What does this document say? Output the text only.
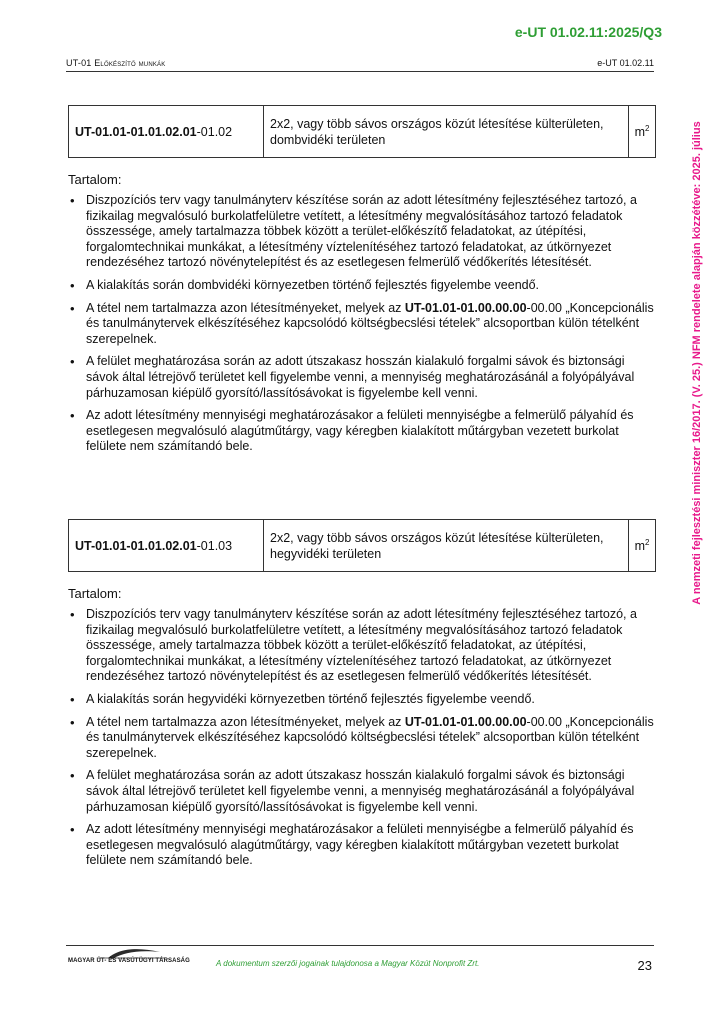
e-UT 01.02.11:2025/Q3
UT-01 Előkészítő munkák	e-UT 01.02.11
A nemzeti fejlesztési miniszter 16/2017. (V. 25.) NFM rendelete alapján közzétéve: 2025. július
UT-01.01-01.01.02.01-01.02	2x2, vagy több sávos országos közút létesítése külterületen, dombvidéki területen	$m^2$
Tartalom:
• Diszpozíciós terv vagy tanulmányterv készítése során az adott létesítmény fejlesztéséhez tartozó, a fizikailag megvalósuló burkolatfelületre vetített, a létesítmény megvalósításához tartozó feladatok összessége, amely tartalmazza többek között a terület-előkészítő feladatokat, az útépítési, forgalomtechnikai munkákat, a létesítmény víztelenítéséhez tartozó feladatokat, az útkörnyezet rendezéséhez tartozó növénytelepítést és az esetlegesen felmerülő védőkerítés létesítését.
• A kialakítás során dombvidéki környezetben történő fejlesztés figyelembe veendő.
• A tétel nem tartalmazza azon létesítményeket, melyek az UT-01.01-01.00.00.00-00.00 „Koncepcionális és tanulmánytervek elkészítéséhez kapcsolódó költségbecslési tételek” alcsoportban külön tételként szerepelnek.
• A felület meghatározása során az adott útszakasz hosszán kialakuló forgalmi sávok és biztonsági sávok által létrejövő területet kell figyelembe venni, a mennyiség meghatározásánál a folyópályával párhuzamosan kiépülő gyorsító/lassítósávokat is figyelembe kell venni.
• Az adott létesítmény mennyiségi meghatározásakor a felületi mennyiségbe a felmerülő pályahíd és esetlegesen megvalósuló alagútműtárgy, vagy kéregben kialakított műtárgyban vezetett burkolat felülete nem számítandó bele.
UT-01.01-01.01.02.01-01.03	2x2, vagy több sávos országos közút létesítése külterületen, hegyvidéki területen	$m^2$
Tartalom:
• Diszpozíciós terv vagy tanulmányterv készítése során az adott létesítmény fejlesztéséhez tartozó, a fizikailag megvalósuló burkolatfelületre vetített, a létesítmény megvalósításához tartozó feladatok összessége, amely tartalmazza többek között a terület-előkészítő feladatokat, az útépítési, forgalomtechnikai munkákat, a létesítmény víztelenítéséhez tartozó feladatokat, az útkörnyezet rendezéséhez tartozó növénytelepítést és az esetlegesen felmerülő védőkerítés létesítését.
• A kialakítás során hegyvidéki környezetben történő fejlesztés figyelembe veendő.
• A tétel nem tartalmazza azon létesítményeket, melyek az UT-01.01-01.00.00.00-00.00 „Koncepcionális és tanulmánytervek elkészítéséhez kapcsolódó költségbecslési tételek” alcsoportban külön tételként szerepelnek.
• A felület meghatározása során az adott útszakasz hosszán kialakuló forgalmi sávok és biztonsági sávok által létrejövő területet kell figyelembe venni, a mennyiség meghatározásánál a folyópályával párhuzamosan kiépülő gyorsító/lassítósávokat is figyelembe kell venni.
• Az adott létesítmény mennyiségi meghatározásakor a felületi mennyiségbe a felmerülő pályahíd és esetlegesen megvalósuló alagútműtárgy, vagy kéregben kialakított műtárgyban vezetett burkolat felülete nem számítandó bele.
MAGYAR ÚT- ÉS VASÚTÜGYI TÁRSASÁG	A dokumentum szerzői jogainak tulajdonosa a Magyar Közút Nonprofit Zrt.	23
